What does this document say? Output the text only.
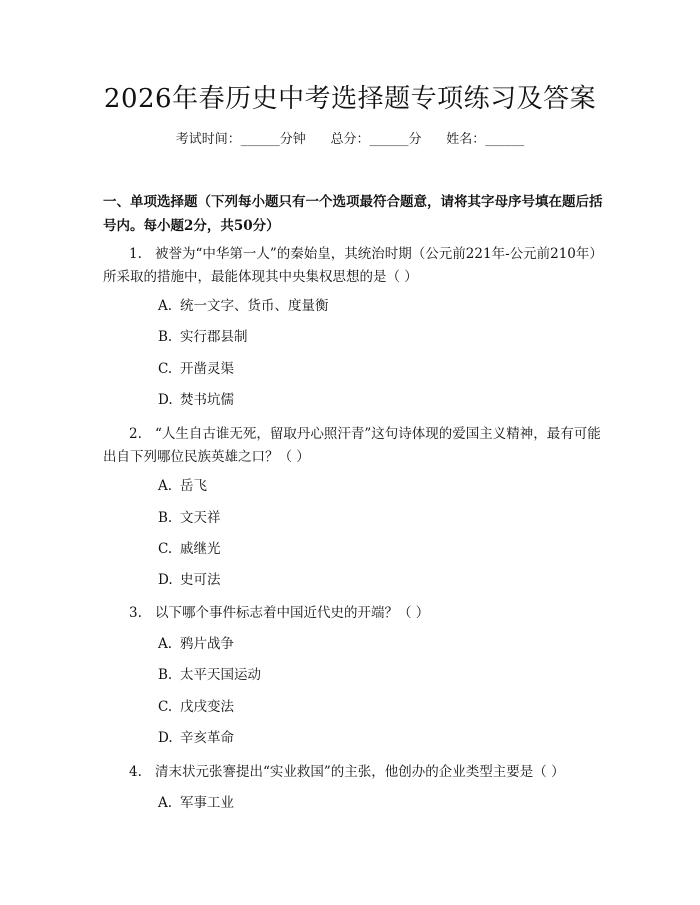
2026年春历史中考选择题专项练习及答案
考试时间：______分钟      总分：______分      姓名：______
一、单项选择题（下列每小题只有一个选项最符合题意，请将其字母序号填在题后括号内。每小题2分，共50分）
1. 被誉为“中华第一人”的秦始皇，其统治时期（公元前221年-公元前210年）所采取的措施中，最能体现其中央集权思想的是（ ）
A. 统一文字、货币、度量衡
B. 实行郡县制
C. 开凿灵渠
D. 焚书坑儒
2. “人生自古谁无死，留取丹心照汗青”这句诗体现的爱国主义精神，最有可能出自下列哪位民族英雄之口？（ ）
A. 岳飞
B. 文天祥
C. 戚继光
D. 史可法
3. 以下哪个事件标志着中国近代史的开端？（ ）
A. 鸦片战争
B. 太平天国运动
C. 戊戌变法
D. 辛亥革命
4. 清末状元张謇提出“实业救国”的主张，他创办的企业类型主要是（ ）
A. 军事工业
